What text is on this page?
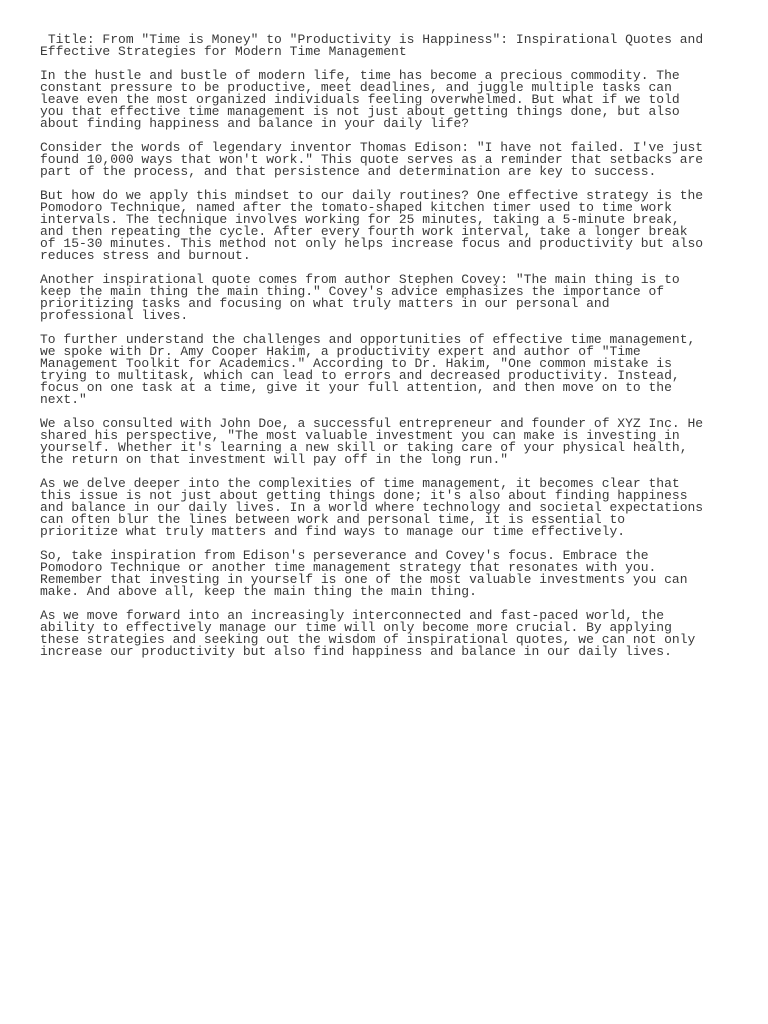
Title: From "Time is Money" to "Productivity is Happiness": Inspirational Quotes and
Effective Strategies for Modern Time Management

In the hustle and bustle of modern life, time has become a precious commodity. The
constant pressure to be productive, meet deadlines, and juggle multiple tasks can
leave even the most organized individuals feeling overwhelmed. But what if we told
you that effective time management is not just about getting things done, but also
about finding happiness and balance in your daily life?

Consider the words of legendary inventor Thomas Edison: "I have not failed. I've just
found 10,000 ways that won't work." This quote serves as a reminder that setbacks are
part of the process, and that persistence and determination are key to success.

But how do we apply this mindset to our daily routines? One effective strategy is the
Pomodoro Technique, named after the tomato-shaped kitchen timer used to time work
intervals. The technique involves working for 25 minutes, taking a 5-minute break,
and then repeating the cycle. After every fourth work interval, take a longer break
of 15-30 minutes. This method not only helps increase focus and productivity but also
reduces stress and burnout.

Another inspirational quote comes from author Stephen Covey: "The main thing is to
keep the main thing the main thing." Covey's advice emphasizes the importance of
prioritizing tasks and focusing on what truly matters in our personal and
professional lives.

To further understand the challenges and opportunities of effective time management,
we spoke with Dr. Amy Cooper Hakim, a productivity expert and author of "Time
Management Toolkit for Academics." According to Dr. Hakim, "One common mistake is
trying to multitask, which can lead to errors and decreased productivity. Instead,
focus on one task at a time, give it your full attention, and then move on to the
next."

We also consulted with John Doe, a successful entrepreneur and founder of XYZ Inc. He
shared his perspective, "The most valuable investment you can make is investing in
yourself. Whether it's learning a new skill or taking care of your physical health,
the return on that investment will pay off in the long run."

As we delve deeper into the complexities of time management, it becomes clear that
this issue is not just about getting things done; it's also about finding happiness
and balance in our daily lives. In a world where technology and societal expectations
can often blur the lines between work and personal time, it is essential to
prioritize what truly matters and find ways to manage our time effectively.

So, take inspiration from Edison's perseverance and Covey's focus. Embrace the
Pomodoro Technique or another time management strategy that resonates with you.
Remember that investing in yourself is one of the most valuable investments you can
make. And above all, keep the main thing the main thing.

As we move forward into an increasingly interconnected and fast-paced world, the
ability to effectively manage our time will only become more crucial. By applying
these strategies and seeking out the wisdom of inspirational quotes, we can not only
increase our productivity but also find happiness and balance in our daily lives.
